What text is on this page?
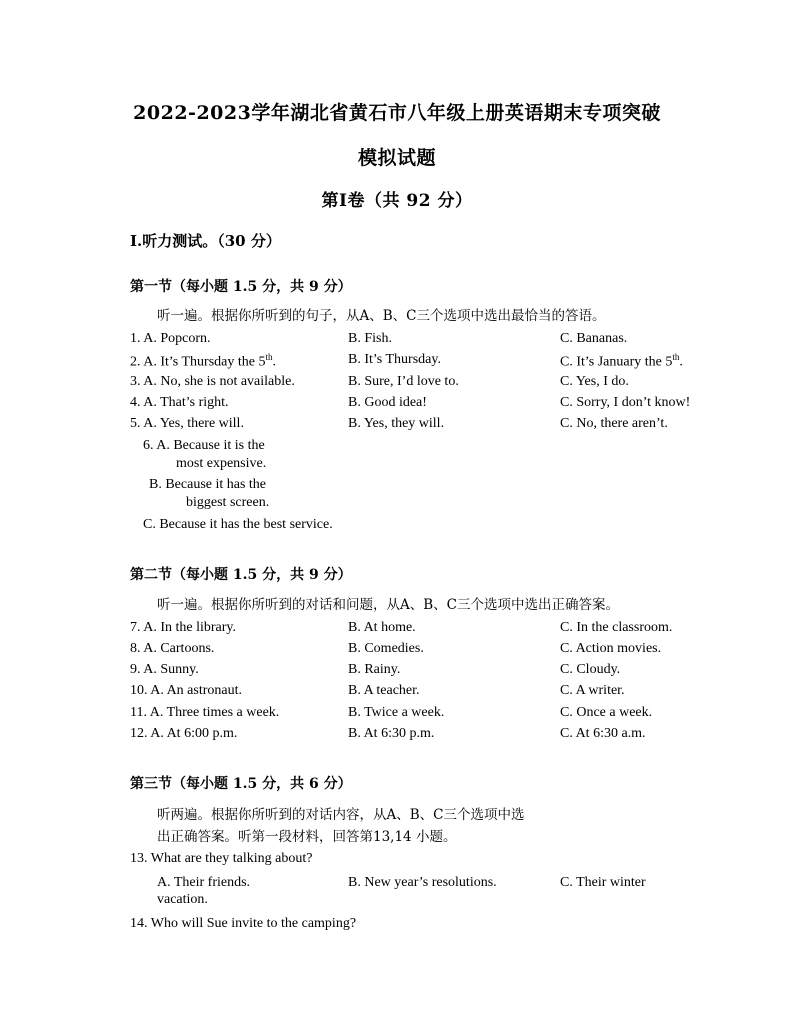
2022-2023学年湖北省黄石市八年级上册英语期末专项突破
模拟试题
第Ⅰ卷（共 92 分）
Ⅰ.听力测试。（30 分）
第一节（每小题 1.5 分，共 9 分）
听一遍。根据你所听到的句子，从A、B、C三个选项中选出最恰当的答语。
1. A. Popcorn.	B. Fish.	C. Bananas.
2. A. It’s Thursday the 5th.	B. It’s Thursday.	C. It’s January the 5th.
3. A. No, she is not available.	B. Sure, I’d love to.	C. Yes, I do.
4. A. That’s right.	B. Good idea!	C. Sorry, I don’t know!
5. A. Yes, there will.	B. Yes, they will.	C. No, there aren’t.
6. A. Because it is the
most expensive.
B. Because it has the
biggest screen.
C. Because it has the best service.
第二节（每小题 1.5 分，共 9 分）
听一遍。根据你所听到的对话和问题，从A、B、C三个选项中选出正确答案。
7. A. In the library.	B. At home.	C. In the classroom.
8. A. Cartoons.	B. Comedies.	C. Action movies.
9. A. Sunny.	B. Rainy.	C. Cloudy.
10. A. An astronaut.	B. A teacher.	C. A writer.
11. A. Three times a week.	B. Twice a week.	C. Once a week.
12. A. At 6:00 p.m.	B. At 6:30 p.m.	C. At 6:30 a.m.
第三节（每小题 1.5 分，共 6 分）
听两遍。根据你所听到的对话内容，从A、B、C三个选项中选
出正确答案。听第一段材料，回答第13,14 小题。
13. What are they talking about?
A. Their friends.	B. New year’s resolutions.	C. Their winter
vacation.
14. Who will Sue invite to the camping?
